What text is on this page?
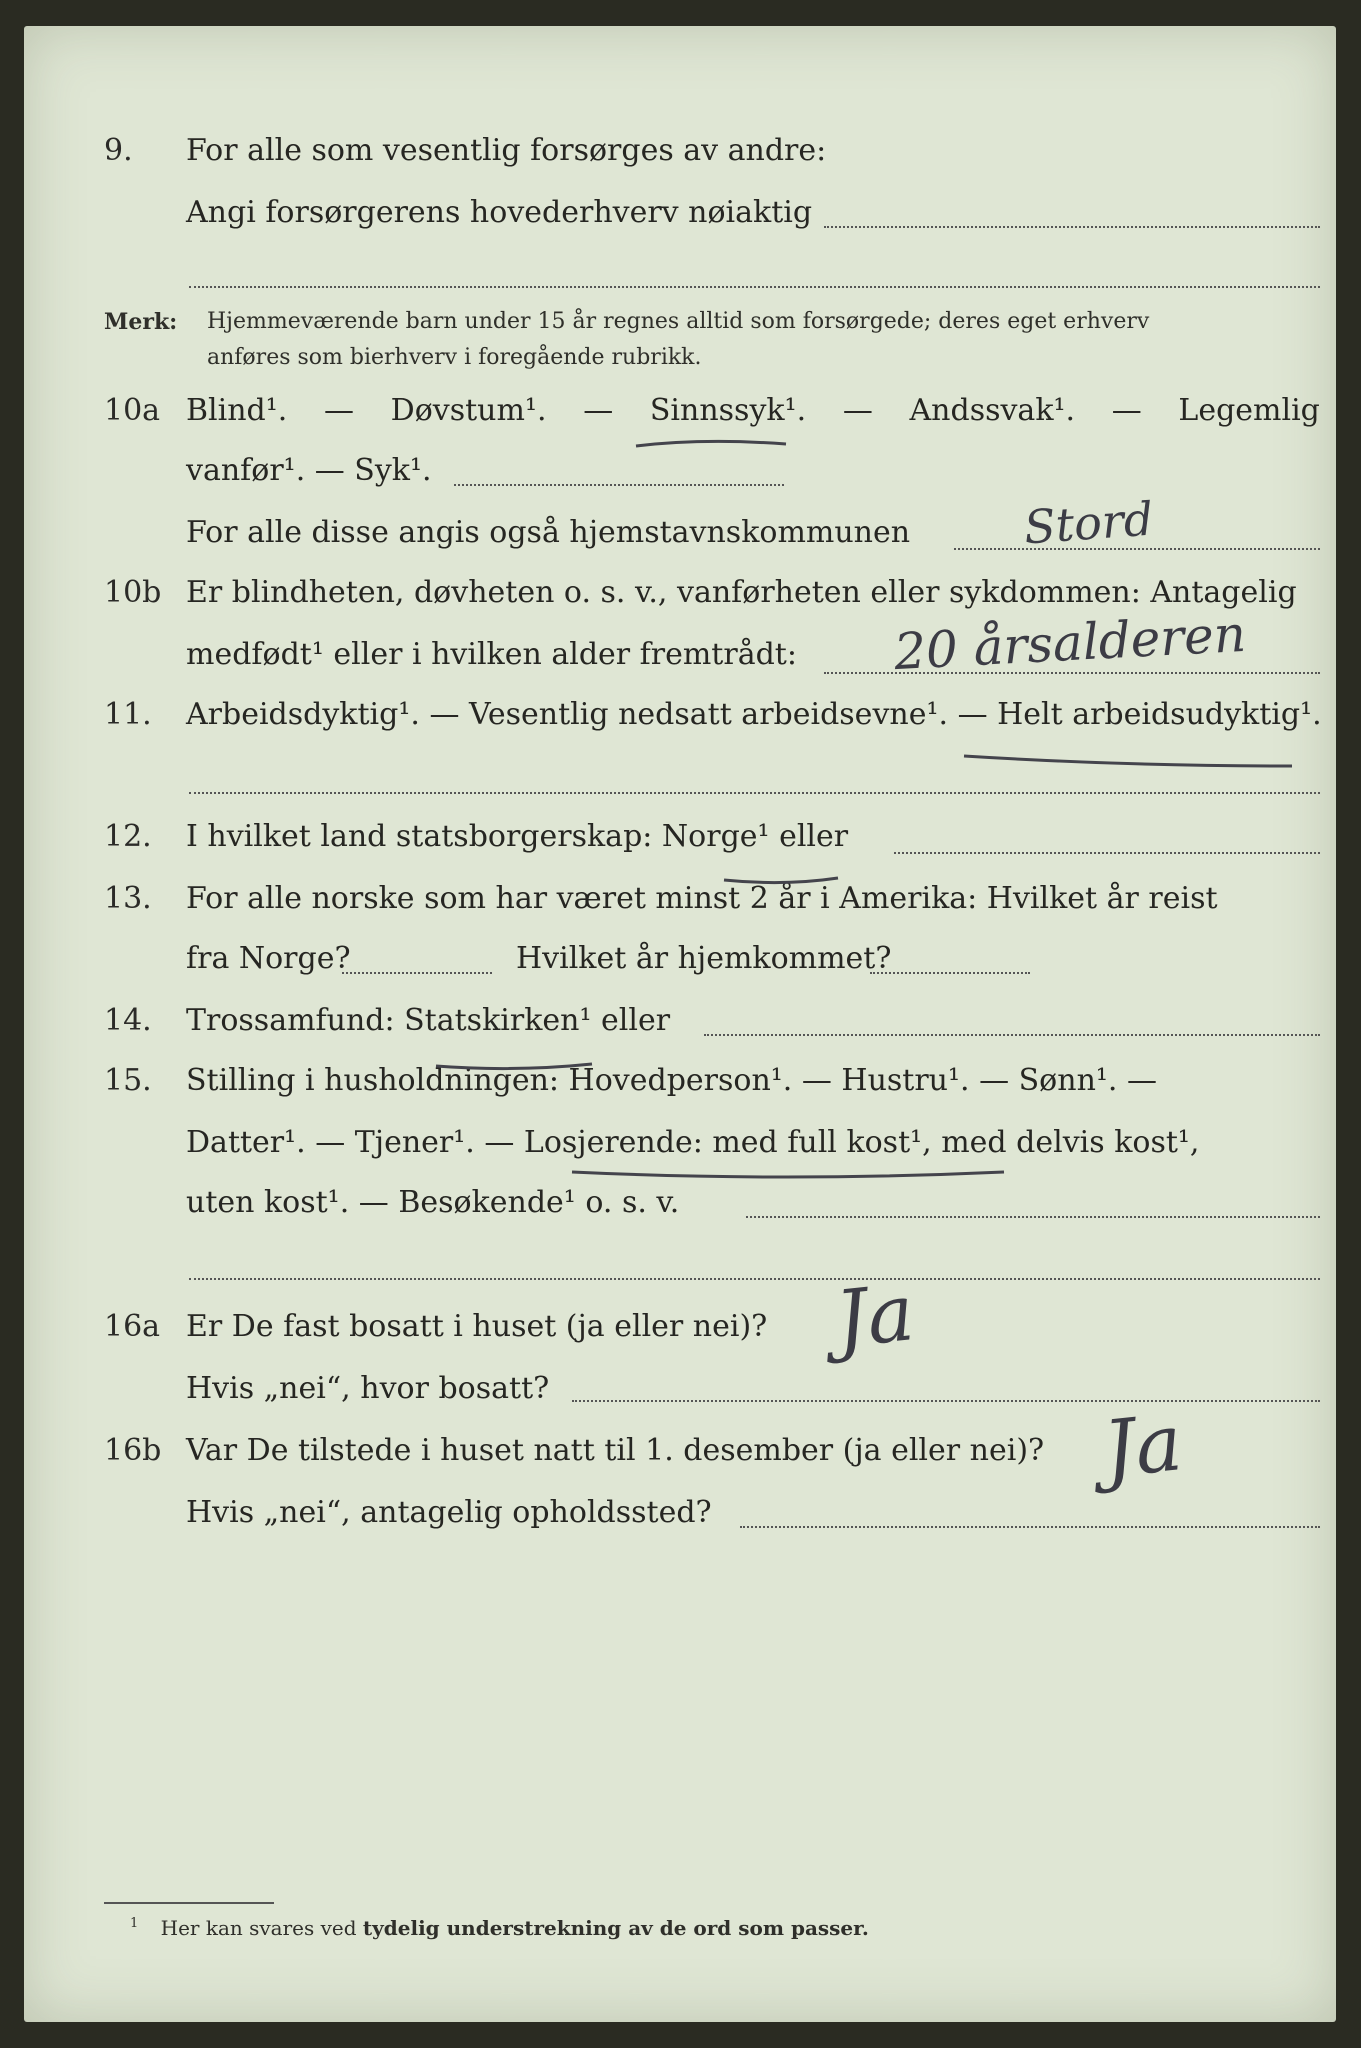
9.	For alle som vesentlig forsørges av andre:
Angi forsørgerens hovederhverv nøiaktig
Merk: Hjemmeværende barn under 15 år regnes alltid som forsørgede; deres eget erhverv
anføres som bierhverv i foregående rubrikk.
10a Blind¹. — Døvstum¹. — Sinnssyk¹. — Andssvak¹. — Legemlig
vanfør¹. — Syk¹.
For alle disse angis også hjemstavnskommunen Stord
10b Er blindheten, døvheten o. s. v., vanførheten eller sykdommen: Antagelig
medfødt¹ eller i hvilken alder fremtrådt: 20 årsalderen
11.	Arbeidsdyktig¹. — Vesentlig nedsatt arbeidsevne¹. — Helt arbeidsudyktig¹.
12.	I hvilket land statsborgerskap: Norge¹ eller
13.	For alle norske som har været minst 2 år i Amerika: Hvilket år reist
fra Norge?	Hvilket år hjemkommet?
14.	Trossamfund: Statskirken¹ eller
15.	Stilling i husholdningen: Hovedperson¹. — Hustru¹. — Sønn¹. —
Datter¹. — Tjener¹. — Losjerende: med full kost¹, med delvis kost¹,
uten kost¹. — Besøkende¹ o. s. v.
16a Er De fast bosatt i huset (ja eller nei)? Ja
Hvis „nei“, hvor bosatt?
16b Var De tilstede i huset natt til 1. desember (ja eller nei)? Ja
Hvis „nei“, antagelig opholdssted?
$^1$ Her kan svares ved tydelig understrekning av de ord som passer.
